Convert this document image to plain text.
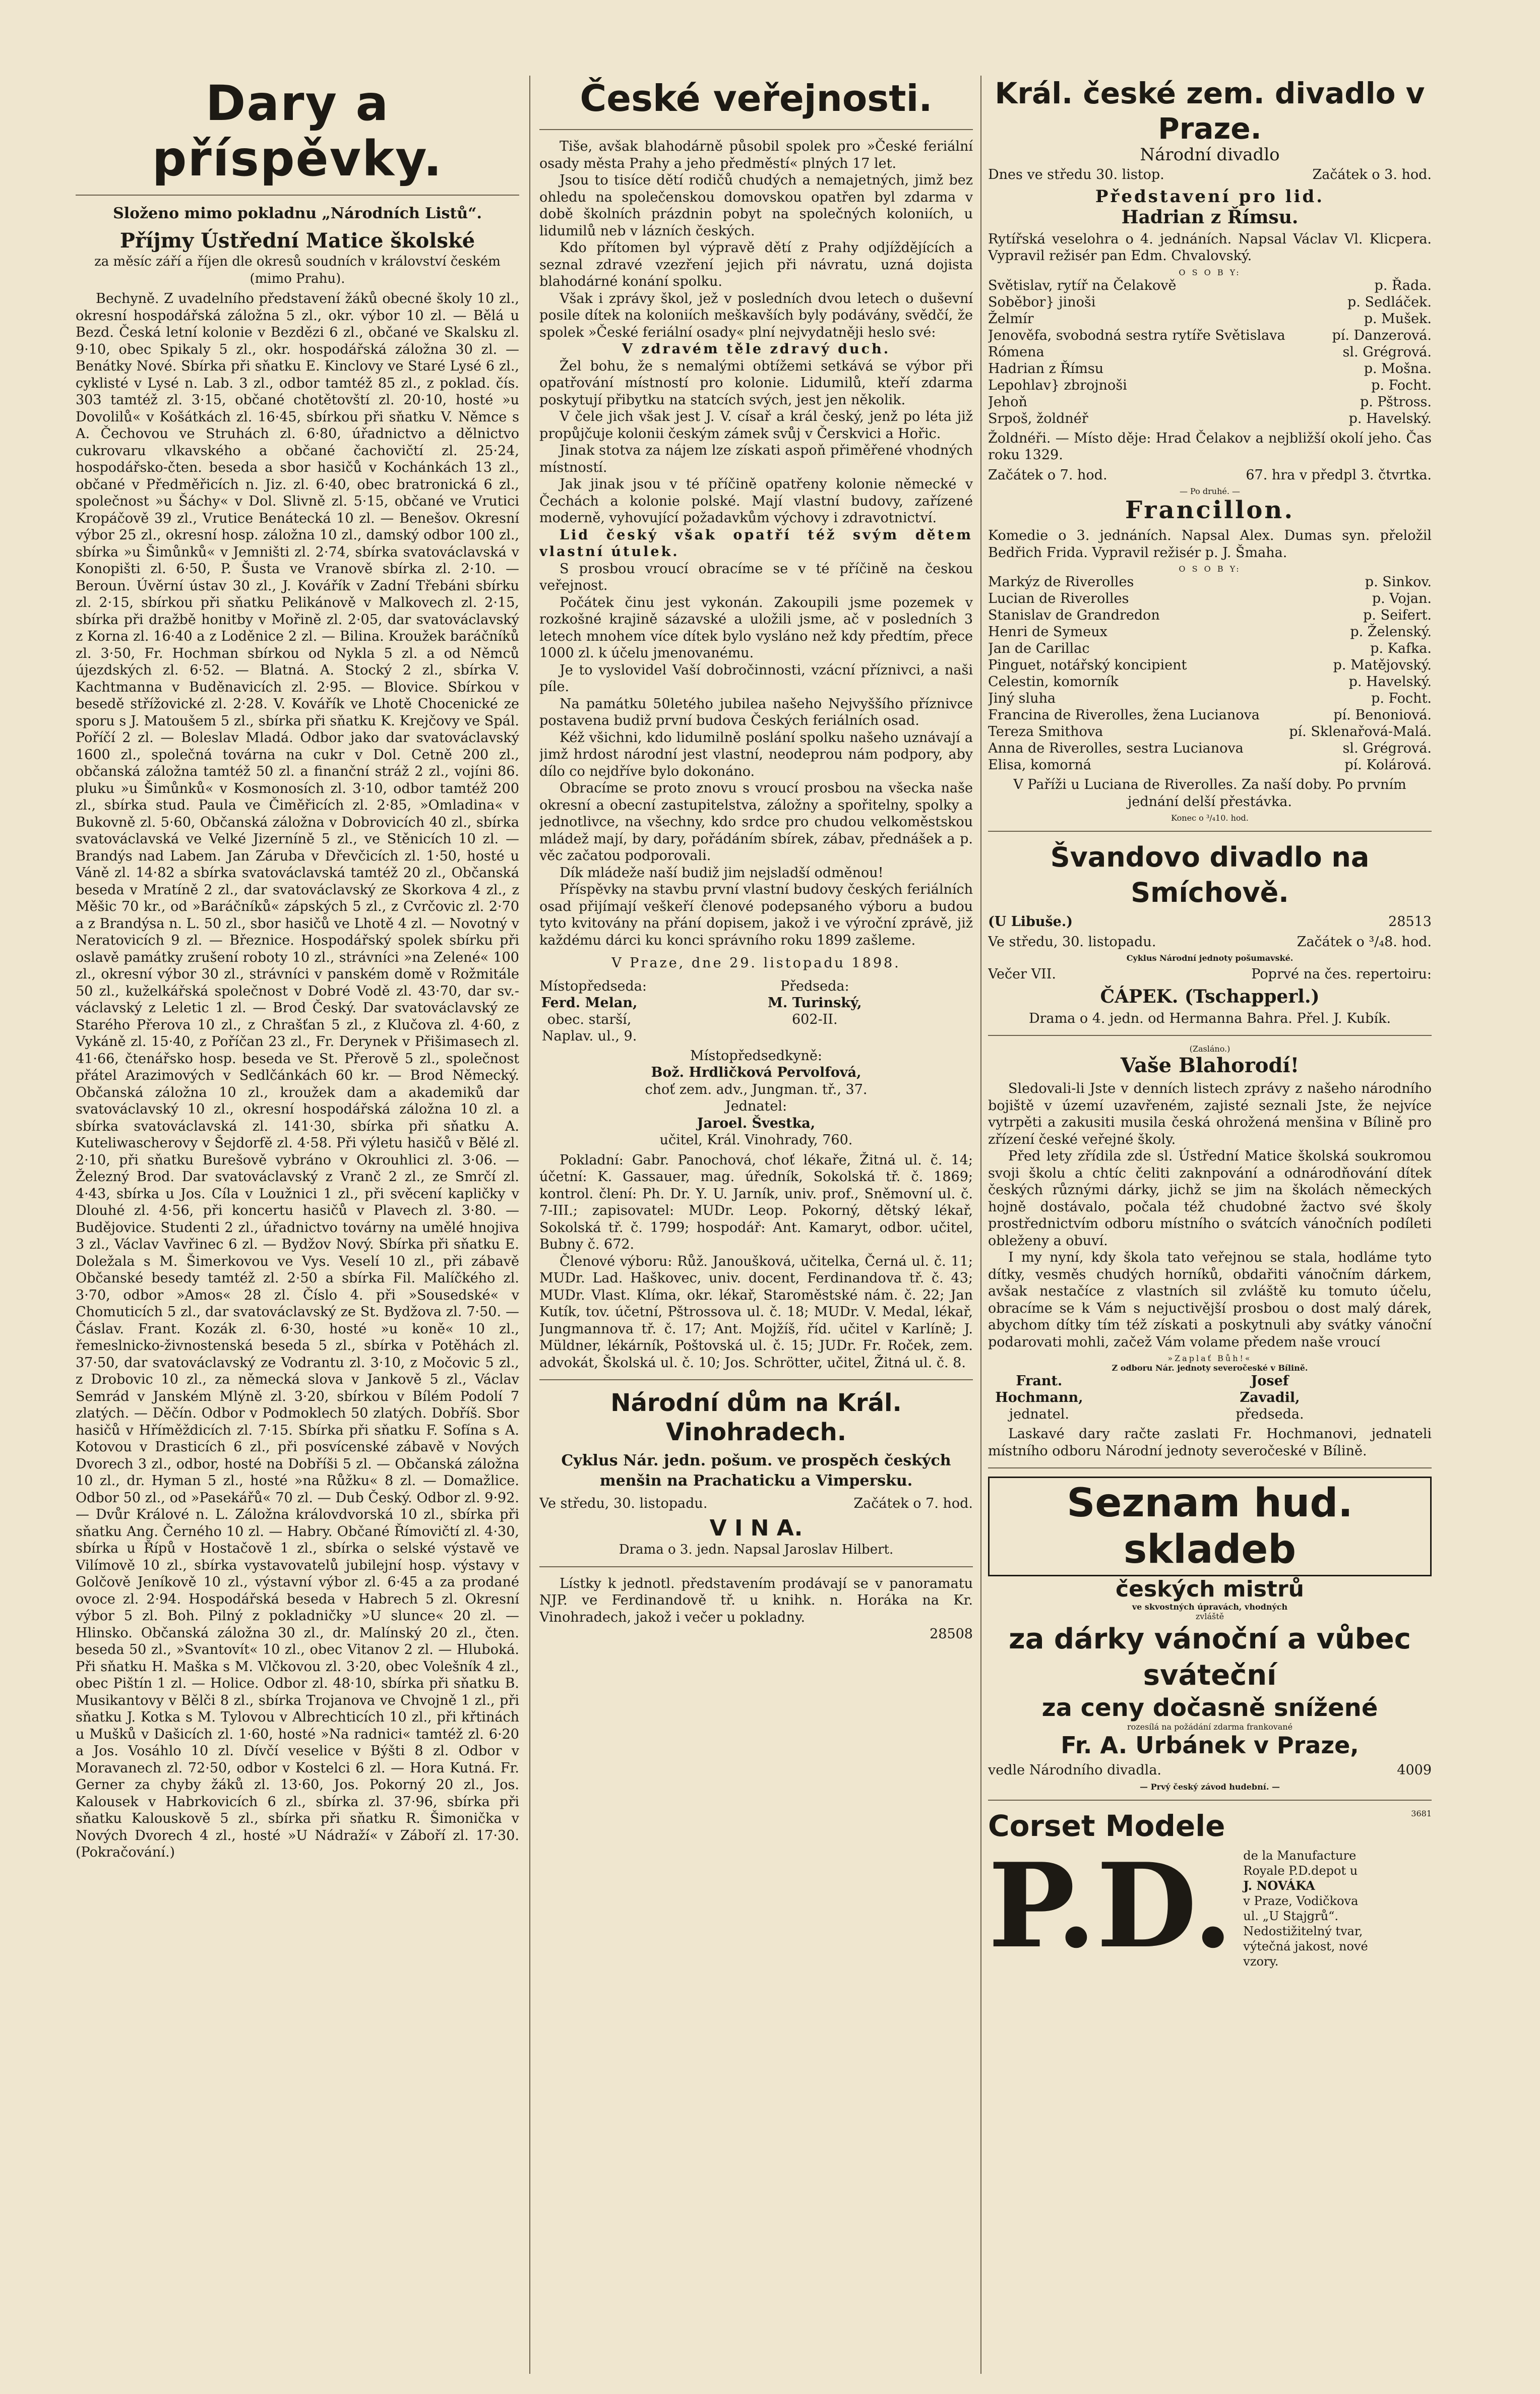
Dary a příspěvky.
Složeno mimo pokladnu „Národních Listů“.
Příjmy Ústřední Matice školské
za měsíc září a říjen dle okresů soudních v království českém (mimo Prahu).

Bechyně. Z uvadelního představení žáků obecné školy 10 zl., okresní hospodářská záložna 5 zl., okr. výbor 10 zl. — Bělá u Bezd. Česká letní kolonie v Bezdězi 6 zl., občané ve Skalsku zl. 9·10, obec Spikaly 5 zl., okr. hospodářská záložna 30 zl. — Benátky Nové. Sbírka při sňatku E. Kinclovy ve Staré Lysé 6 zl., cyklisté v Lysé n. Lab. 3 zl., odbor tamtéž 85 zl., z poklad. čís. 303 tamtéž zl. 3·15, občané chotětovští zl. 20·10, hosté »u Dovolilů« v Košátkách zl. 16·45, sbírkou při sňatku V. Němce s A. Čechovou ve Struhách zl. 6·80, úřadnictvo a dělnictvo cukrovaru vlkavského a občané čachovičtí zl. 25·24, hospodářsko-čten. beseda a sbor hasičů v Kochánkách 13 zl., občané v Předměřicích n. Jiz. zl. 6·40, obec bratronická 6 zl., společnost »u Šáchy« v Dol. Slivně zl. 5·15, občané ve Vrutici Kropáčově 39 zl., Vrutice Benátecká 10 zl. — Benešov. Okresní výbor 25 zl., okresní hosp. záložna 10 zl., damský odbor 100 zl., sbírka »u Šimůnků« v Jemništi zl. 2·74, sbírka svatováclavská v Konopišti zl. 6·50, P. Šusta ve Vranově sbírka zl. 2·10. — Beroun. Úvěrní ústav 30 zl., J. Kovářík v Zadní Třebáni sbírku zl. 2·15, sbírkou při sňatku Pelikánově v Malkovech zl. 2·15, sbírka při dražbě honitby v Mořině zl. 2·05, dar svatováclavský z Korna zl. 16·40 a z Loděnice 2 zl. — Bilina. Kroužek baráčníků zl. 3·50, Fr. Hochman sbírkou od Nykla 5 zl. a od Němců újezdských zl. 6·52. — Blatná. A. Stocký 2 zl., sbírka V. Kachtmanna v Buděnavicích zl. 2·95. — Blovice. Sbírkou v besedě střížovické zl. 2·28. V. Kovářík ve Lhotě Chocenické ze sporu s J. Matoušem 5 zl., sbírka při sňatku K. Krejčovy ve Spál. Poříčí 2 zl. — Boleslav Mladá. Odbor jako dar svatováclavský 1600 zl., společná továrna na cukr v Dol. Cetně 200 zl., občanská záložna tamtéž 50 zl. a finanční stráž 2 zl., vojíni 86. pluku »u Šimůnků« v Kosmonosích zl. 3·10, odbor tamtéž 200 zl., sbírka stud. Paula ve Čiměřicích zl. 2·85, »Omladina« v Bukovně zl. 5·60, Občanská záložna v Dobrovicích 40 zl., sbírka svatováclavská ve Velké Jizerníně 5 zl., ve Stěnicích 10 zl. — Brandýs nad Labem. Jan Záruba v Dřevčicích zl. 1·50, hosté u Váně zl. 14·82 a sbírka svatováclavská tamtéž 20 zl., Občanská beseda v Mratíně 2 zl., dar svatováclavský ze Skorkova 4 zl., z Měšic 70 kr., od »Baráčníků« zápských 5 zl., z Cvrčovic zl. 2·70 a z Brandýsa n. L. 50 zl., sbor hasičů ve Lhotě 4 zl. — Novotný v Neratovicích 9 zl. — Březnice. Hospodářský spolek sbírku při oslavě památky zrušení roboty 10 zl., strávníci »na Zelené« 100 zl., okresní výbor 30 zl., strávníci v panském domě v Rožmitále 50 zl., kuželkářská společnost v Dobré Vodě zl. 43·70, dar sv.-václavský z Leletic 1 zl. — Brod Český. Dar svatováclavský ze Starého Přerova 10 zl., z Chrašťan 5 zl., z Klučova zl. 4·60, z Vykáně zl. 15·40, z Poříčan 23 zl., Fr. Derynek v Přišimasech zl. 41·66, čtenářsko hosp. beseda ve St. Přerově 5 zl., společnost přátel Arazimových v Sedlčánkách 60 kr. — Brod Německý. Občanská záložna 10 zl., kroužek dam a akademiků dar svatováclavský 10 zl., okresní hospodářská záložna 10 zl. a sbírka svatováclavská zl. 141·30, sbírka při sňatku A. Kuteliwascherovy v Šejdorfě zl. 4·58. Při výletu hasičů v Bělé zl. 2·10, při sňatku Burešově vybráno v Okrouhlici zl. 3·06. — Železný Brod. Dar svatováclavský z Vranč 2 zl., ze Smrčí zl. 4·43, sbírka u Jos. Cíla v Loužnici 1 zl., při svěcení kapličky v Dlouhé zl. 4·56, při koncertu hasičů v Plavech zl. 3·80. — Budějovice. Studenti 2 zl., úřadnictvo továrny na umělé hnojiva 3 zl., Václav Vavřinec 6 zl. — Bydžov Nový. Sbírka při sňatku E. Doležala s M. Šimerkovou ve Vys. Veselí 10 zl., při zábavě Občanské besedy tamtéž zl. 2·50 a sbírka Fil. Malíčkého zl. 3·70, odbor »Amos« 28 zl. Číslo 4. při »Sousedské« v Chomuticích 5 zl., dar svatováclavský ze St. Bydžova zl. 7·50. — Čáslav. Frant. Kozák zl. 6·30, hosté »u koně« 10 zl., řemeslnicko-živnostenská beseda 5 zl., sbírka v Potěhách zl. 37·50, dar svatováclavský ze Vodrantu zl. 3·10, z Močovic 5 zl., z Drobovic 10 zl., za německá slova v Jankově 5 zl., Václav Semrád v Janském Mlýně zl. 3·20, sbírkou v Bílém Podolí 7 zlatých. — Děčín. Odbor v Podmoklech 50 zlatých. Dobříš. Sbor hasičů v Hříměždicích zl. 7·15. Sbírka při sňatku F. Sofína s A. Kotovou v Drasticích 6 zl., při posvícenské zábavě v Nových Dvorech 3 zl., odbor, hosté na Dobříši 5 zl. — Občanská záložna 10 zl., dr. Hyman 5 zl., hosté »na Růžku« 8 zl. — Domažlice. Odbor 50 zl., od »Pasekářů« 70 zl. — Dub Český. Odbor zl. 9·92. — Dvůr Králové n. L. Záložna královdvorská 10 zl., sbírka při sňatku Ang. Černého 10 zl. — Habry. Občané Římovičtí zl. 4·30, sbírka u Řípů v Hostačově 1 zl., sbírka o selské výstavě ve Vilímově 10 zl., sbírka vystavovatelů jubilejní hosp. výstavy v Golčově Jeníkově 10 zl., výstavní výbor zl. 6·45 a za prodané ovoce zl. 2·94. Hospodářská beseda v Habrech 5 zl. Okresní výbor 5 zl. Boh. Pilný z pokladničky »U slunce« 20 zl. — Hlinsko. Občanská záložna 30 zl., dr. Malínský 20 zl., čten. beseda 50 zl., »Svantovít« 10 zl., obec Vitanov 2 zl. — Hluboká. Při sňatku H. Maška s M. Vlčkovou zl. 3·20, obec Volešník 4 zl., obec Pištín 1 zl. — Holice. Odbor zl. 48·10, sbírka při sňatku B. Musikantovy v Bělči 8 zl., sbírka Trojanova ve Chvojně 1 zl., při sňatku J. Kotka s M. Tylovou v Albrechticích 10 zl., při křtinách u Mušků v Dašicích zl. 1·60, hosté »Na radnici« tamtéž zl. 6·20 a Jos. Vosáhlo 10 zl. Dívčí veselice v Býšti 8 zl. Odbor v Moravanech zl. 72·50, odbor v Kostelci 6 zl. — Hora Kutná. Fr. Gerner za chyby žáků zl. 13·60, Jos. Pokorný 20 zl., Jos. Kalousek v Habrkovicích 6 zl., sbírka zl. 37·96, sbírka při sňatku Kalouskově 5 zl., sbírka při sňatku R. Šimonička v Nových Dvorech 4 zl., hosté »U Nádraží« v Záboří zl. 17·30. (Pokračování.)

České veřejnosti.

Tiše, avšak blahodárně působil spolek pro »České feriální osady města Prahy a jeho předměstí« plných 17 let.

Jsou to tisíce dětí rodičů chudých a nemajetných, jimž bez ohledu na společenskou domovskou opatřen byl zdarma v době školních prázdnin pobyt na společných koloniích, u lidumilů neb v lázních českých.

Kdo přítomen byl výpravě dětí z Prahy odjíždějících a seznal zdravé vzezření jejich při návratu, uzná dojista blahodárné konání spolku.

Však i zprávy škol, jež v posledních dvou letech o duševní posile dítek na koloniích meškavších byly podávány, svědčí, že spolek »České feriální osady« plní nejvydatněji heslo své:

V zdravém těle zdravý duch.

Žel bohu, že s nemalými obtížemi setkává se výbor při opatřování místností pro kolonie. Lidumilů, kteří zdarma poskytují přibytku na statcích svých, jest jen několik.

V čele jich však jest J. V. císař a král český, jenž po léta již propůjčuje kolonii českým zámek svůj v Čerskvici a Hořic.

Jinak stotva za nájem lze získati aspoň přiměřené vhodných místností.

Jak jinak jsou v té příčině opatřeny kolonie německé v Čechách a kolonie polské. Mají vlastní budovy, zařízené moderně, vyhovující požadavkům výchovy i zdravotnictví.

Lid český však opatří též svým dětem vlastní útulek.

S prosbou vroucí obracíme se v té příčině na českou veřejnost.

Počátek činu jest vykonán. Zakoupili jsme pozemek v rozkošné krajině sázavské a uložili jsme, ač v posledních 3 letech mnohem více dítek bylo vysláno než kdy předtím, přece 1000 zl. k účelu jmenovanému.

Je to vyslovidel Vaší dobročinnosti, vzácní příznivci, a naši píle.

Na památku 50letého jubilea našeho Nejvyššího příznivce postavena budiž první budova Českých feriálních osad.

Kéž všichni, kdo lidumilně poslání spolku našeho uznávají a jimž hrdost národní jest vlastní, neodeprou nám podpory, aby dílo co nejdříve bylo dokonáno.

Obracíme se proto znovu s vroucí prosbou na všecka naše okresní a obecní zastupitelstva, záložny a spořitelny, spolky a jednotlivce, na všechny, kdo srdce pro chudou velkoměstskou mládež mají, by dary, pořádáním sbírek, zábav, přednášek a p. věc začatou podporovali.

Dík mládeže naší budiž jim nejsladší odměnou!

Příspěvky na stavbu první vlastní budovy českých feriálních osad přijímají veškeří členové podepsaného výboru a budou tyto kvitovány na přání dopisem, jakož i ve výroční zprávě, již každému dárci ku konci správního roku 1899 zašleme.

V Praze, dne 29. listopadu 1898.
Místopředseda:
Ferd. Melan,
obec. starší, Naplav. ul., 9.
Předseda:
M. Turinský,
602-II.
Místopředsedkyně:
Bož. Hrdličková Pervolfová,
choť zem. adv., Jungman. tř., 37.
Jednatel:
Jaroel. Švestka,
učitel, Král. Vinohrady, 760.

Pokladní: Gabr. Panochová, choť lékaře, Žitná ul. č. 14; účetní: K. Gassauer, mag. úředník, Sokolská tř. č. 1869; kontrol. člení: Ph. Dr. Y. U. Jarník, univ. prof., Sněmovní ul. č. 7-III.; zapisovatel: MUDr. Leop. Pokorný, dětský lékař, Sokolská tř. č. 1799; hospodář: Ant. Kamaryt, odbor. učitel, Bubny č. 672.

Členové výboru: Růž. Janoušková, učitelka, Černá ul. č. 11; MUDr. Lad. Haškovec, univ. docent, Ferdinandova tř. č. 43; MUDr. Vlast. Klíma, okr. lékař, Staroměstské nám. č. 22; Jan Kutík, tov. účetní, Pštrossova ul. č. 18; MUDr. V. Medal, lékař, Jungmannova tř. č. 17; Ant. Mojžíš, říd. učitel v Karlíně; J. Müldner, lékárník, Poštovská ul. č. 15; JUDr. Fr. Roček, zem. advokát, Školská ul. č. 10; Jos. Schrötter, učitel, Žitná ul. č. 8.

Národní dům na Král. Vinohradech.
Cyklus Nár. jedn. pošum. ve prospěch českých menšin na Prachaticku a Vimpersku.
Ve středu, 30. listopadu.	Začátek o 7. hod.
V I N A.
Drama o 3. jedn. Napsal Jaroslav Hilbert.

Lístky k jednotl. představením prodávají se v panoramatu NJP. ve Ferdinandově tř. u knihk. n. Horáka na Kr. Vinohradech, jakož i večer u pokladny.

28508
Král. české zem. divadlo v Praze.
Národní divadlo
Dnes ve středu 30. listop.	Začátek o 3. hod.
Představení pro lid.
Hadrian z Římsu.
Rytířská veselohra o 4. jednáních. Napsal Václav Vl. Klicpera. Vypravil režisér pan Edm. Chvalovský.
O S O B Y:
Světislav, rytíř na Čelakově	p. Řada.
Soběbor} jinoši	p. Sedláček.
Želmír	p. Mušek.
Jenověfa, svobodná sestra rytíře Světislava	pí. Danzerová.
Rómena	sl. Grégrová.
Hadrian z Římsu	p. Mošna.
Lepohlav} zbrojnoši	p. Focht.
Jehoň	p. Pštross.
Srpoš, žoldnéř	p. Havelský.
Žoldnéři. — Místo děje: Hrad Čelakov a nejbližší okolí jeho. Čas roku 1329.
Začátek o 7. hod.	67. hra v předpl 3. čtvrtka.
— Po druhé. —
Francillon.
Komedie o 3. jednáních. Napsal Alex. Dumas syn. přeložil Bedřich Frida. Vypravil režisér p. J. Šmaha.
O S O B Y:
Markýz de Riverolles	p. Sinkov.
Lucian de Riverolles	p. Vojan.
Stanislav de Grandredon	p. Seifert.
Henri de Symeux	p. Želenský.
Jan de Carillac	p. Kafka.
Pinguet, notářský koncipient	p. Matějovský.
Celestin, komorník	p. Havelský.
Jiný sluha	p. Focht.
Francina de Riverolles, žena Lucianova	pí. Benoniová.
Tereza Smithova	pí. Sklenařová-Malá.
Anna de Riverolles, sestra Lucianova	sl. Grégrová.
Elisa, komorná	pí. Kolárová.
V Paříži u Luciana de Riverolles. Za naší doby. Po prvním jednání delší přestávka.
Konec o ³/₄10. hod.
Švandovo divadlo na Smíchově.
(U Libuše.)	28513
Ve středu, 30. listopadu.	Začátek o ³/₄8. hod.
Cyklus Národní jednoty pošumavské.
Večer VII.	Poprvé na čes. repertoiru:
ČÁPEK. (Tschapperl.)
Drama o 4. jedn. od Hermanna Bahra. Přel. J. Kubík.
(Zasláno.)
Vaše Blahorodí!

Sledovali-li Jste v denních listech zprávy z našeho národního bojiště v území uzavřeném, zajisté seznali Jste, že nejvíce vytrpěti a zakusiti musila česká ohrožená menšina v Bílině pro zřízení české veřejné školy.

Před lety zřídila zde sl. Ústřední Matice školská soukromou svoji školu a chtíc čeliti zaknpování a odnárodňování dítek českých různými dárky, jichž se jim na školách německých hojně dostávalo, počala též chudobné žactvo své školy prostřednictvím odboru místního o svátcích vánočních podíleti obleženy a obuví.

I my nyní, kdy škola tato veřejnou se stala, hodláme tyto dítky, vesměs chudých horníků, obdařiti vánočním dárkem, avšak nestačíce z vlastních sil zvláště ku tomuto účelu, obracíme se k Vám s nejuctivější prosbou o dost malý dárek, abychom dítky tím též získati a poskytnuli aby svátky vánoční podarovati mohli, začež Vám volame předem naše vroucí

»Zaplať Bůh!«
Z odboru Nár. jednoty severočeské v Bílině.
Frant. Hochmann,
jednatel.
Josef Zavadil,
předseda.

Laskavé dary račte zaslati Fr. Hochmanovi, jednateli místního odboru Národní jednoty severočeské v Bílině.

Seznam hud. skladeb
českých mistrů
ve skvostných úpravách, vhodných
zvláště
za dárky vánoční a vůbec sváteční
za ceny dočasně snížené
rozesílá na požádání zdarma frankované
Fr. A. Urbánek v Praze,
vedle Národního divadla.	4009
— Prvý český závod hudební. —
Corset Modele	3681
P.D. de la Manufacture Royale P.D.depot u
J. NOVÁKA
v Praze, Vodičkova ul. „U Stajgrů“. Nedostižitelný tvar, výtečná jakost, nové vzory.
